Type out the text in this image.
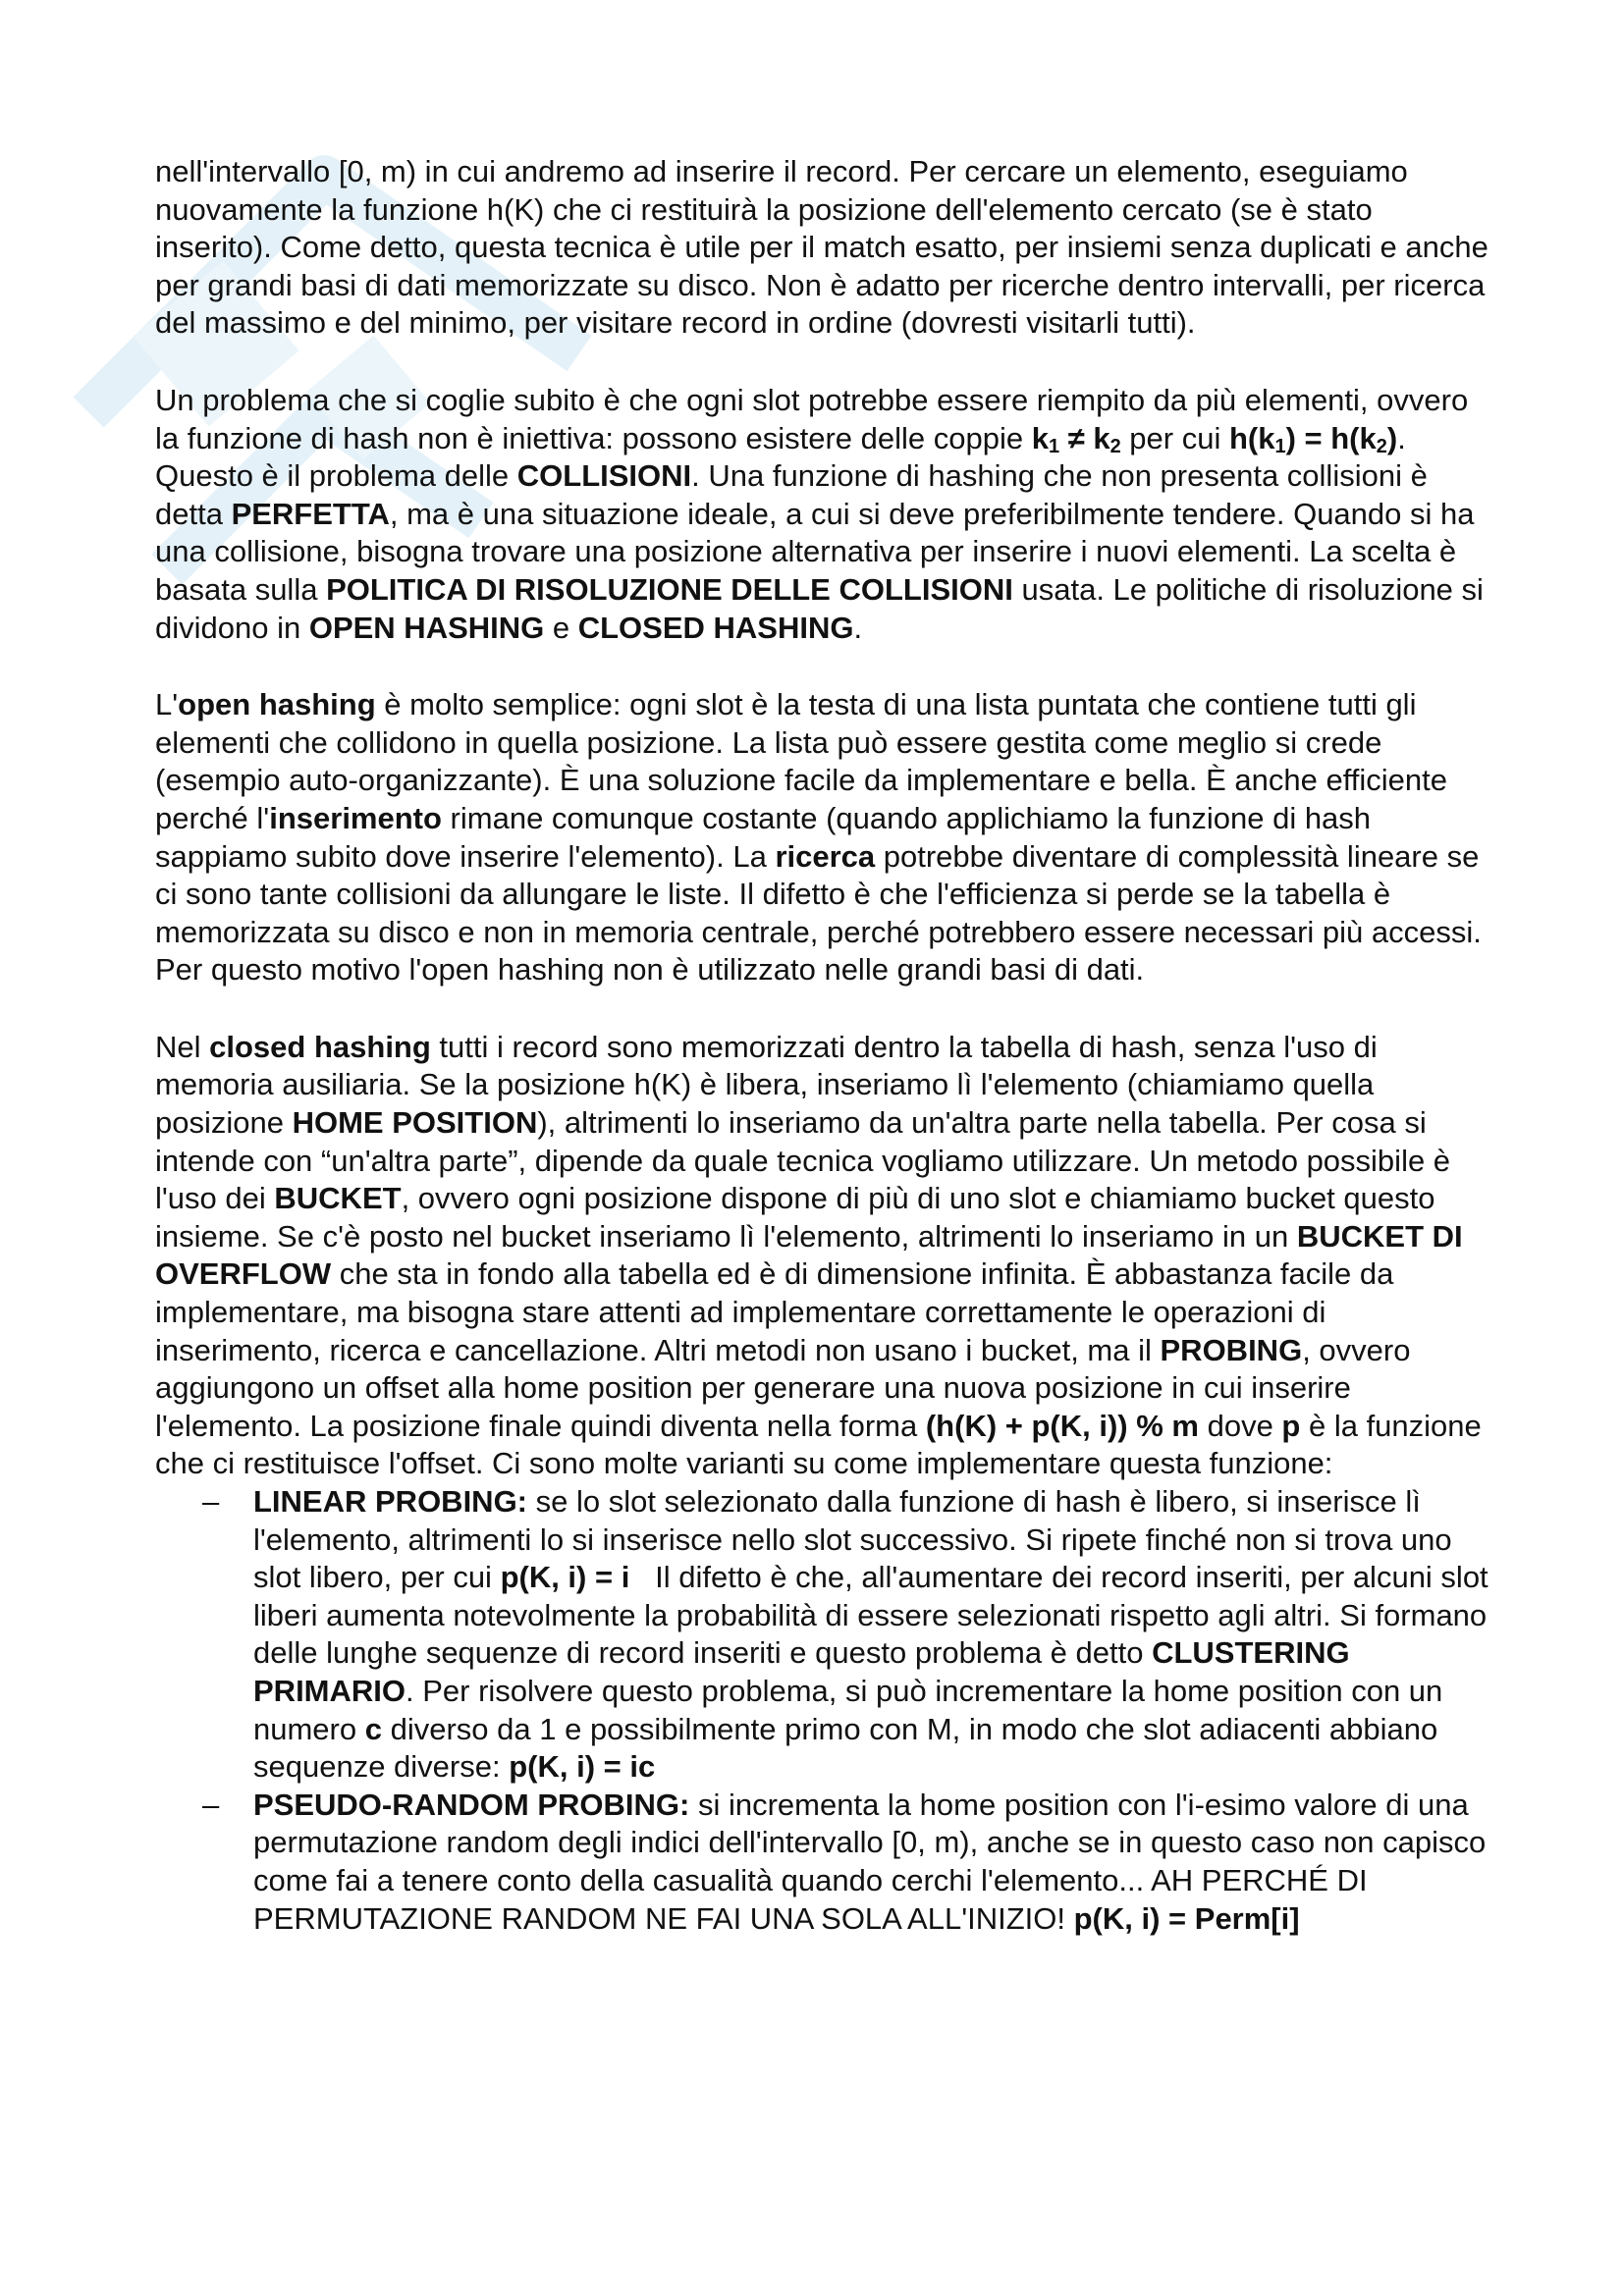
nell'intervallo [0, m) in cui andremo ad inserire il record. Per cercare un elemento, eseguiamo nuovamente la funzione h(K) che ci restituirà la posizione dell'elemento cercato (se è stato inserito). Come detto, questa tecnica è utile per il match esatto, per insiemi senza duplicati e anche per grandi basi di dati memorizzate su disco. Non è adatto per ricerche dentro intervalli, per ricerca del massimo e del minimo, per visitare record in ordine (dovresti visitarli tutti).

Un problema che si coglie subito è che ogni slot potrebbe essere riempito da più elementi, ovvero la funzione di hash non è iniettiva: possono esistere delle coppie $k_1 \ne k_2$ per cui $h(k_1) = h(k_2)$. Questo è il problema delle COLLISIONI. Una funzione di hashing che non presenta collisioni è detta PERFETTA, ma è una situazione ideale, a cui si deve preferibilmente tendere. Quando si ha una collisione, bisogna trovare una posizione alternativa per inserire i nuovi elementi. La scelta è basata sulla POLITICA DI RISOLUZIONE DELLE COLLISIONI usata. Le politiche di risoluzione si dividono in OPEN HASHING e CLOSED HASHING.

L'open hashing è molto semplice: ogni slot è la testa di una lista puntata che contiene tutti gli elementi che collidono in quella posizione. La lista può essere gestita come meglio si crede (esempio auto-organizzante). È una soluzione facile da implementare e bella. È anche efficiente perché l'inserimento rimane comunque costante (quando applichiamo la funzione di hash sappiamo subito dove inserire l'elemento). La ricerca potrebbe diventare di complessità lineare se ci sono tante collisioni da allungare le liste. Il difetto è che l'efficienza si perde se la tabella è memorizzata su disco e non in memoria centrale, perché potrebbero essere necessari più accessi. Per questo motivo l'open hashing non è utilizzato nelle grandi basi di dati.

Nel closed hashing tutti i record sono memorizzati dentro la tabella di hash, senza l'uso di memoria ausiliaria. Se la posizione h(K) è libera, inseriamo lì l'elemento (chiamiamo quella posizione HOME POSITION), altrimenti lo inseriamo da un'altra parte nella tabella. Per cosa si intende con “un'altra parte”, dipende da quale tecnica vogliamo utilizzare. Un metodo possibile è l'uso dei BUCKET, ovvero ogni posizione dispone di più di uno slot e chiamiamo bucket questo insieme. Se c'è posto nel bucket inseriamo lì l'elemento, altrimenti lo inseriamo in un BUCKET DI OVERFLOW che sta in fondo alla tabella ed è di dimensione infinita. È abbastanza facile da implementare, ma bisogna stare attenti ad implementare correttamente le operazioni di inserimento, ricerca e cancellazione. Altri metodi non usano i bucket, ma il PROBING, ovvero aggiungono un offset alla home position per generare una nuova posizione in cui inserire l'elemento. La posizione finale quindi diventa nella forma (h(K) + p(K, i)) % m dove p è la funzione che ci restituisce l'offset. Ci sono molte varianti su come implementare questa funzione:

– LINEAR PROBING: se lo slot selezionato dalla funzione di hash è libero, si inserisce lì l'elemento, altrimenti lo si inserisce nello slot successivo. Si ripete finché non si trova uno slot libero, per cui p(K, i) = i   Il difetto è che, all'aumentare dei record inseriti, per alcuni slot liberi aumenta notevolmente la probabilità di essere selezionati rispetto agli altri. Si formano delle lunghe sequenze di record inseriti e questo problema è detto CLUSTERING PRIMARIO. Per risolvere questo problema, si può incrementare la home position con un numero c diverso da 1 e possibilmente primo con M, in modo che slot adiacenti abbiano sequenze diverse: p(K, i) = ic
– PSEUDO-RANDOM PROBING: si incrementa la home position con l'i-esimo valore di una permutazione random degli indici dell'intervallo [0, m), anche se in questo caso non capisco come fai a tenere conto della casualità quando cerchi l'elemento... AH PERCHÉ DI PERMUTAZIONE RANDOM NE FAI UNA SOLA ALL'INIZIO! p(K, i) = Perm[i]
